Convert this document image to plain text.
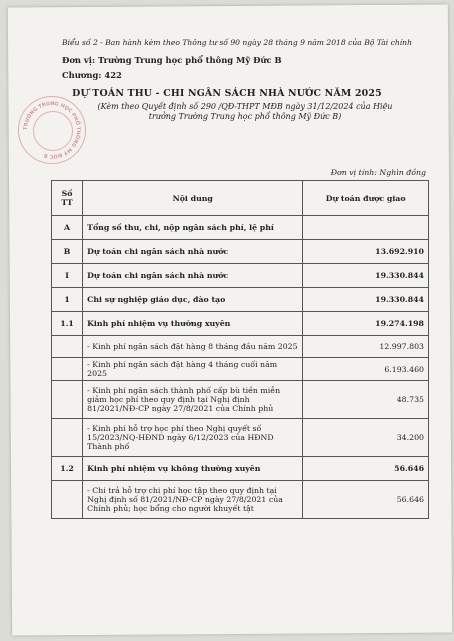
Biểu số 2 - Ban hành kèm theo Thông tư số 90 ngày 28 tháng 9 năm 2018 của Bộ Tài chính
Đơn vị: Trường Trung học phổ thông Mỹ Đức B
Chương: 422
TRƯỜNG TRUNG HỌC PHỔ THÔNG MỸ ĐỨC B
DỰ TOÁN THU - CHI NGÂN SÁCH NHÀ NƯỚC NĂM 2025
(Kèm theo Quyết định số 290 /QĐ-THPT MĐB ngày 31/12/2024 của Hiệu trưởng Trường Trung học phổ thông Mỹ Đức B)
Đơn vị tính: Nghìn đồng
Số TT	Nội dung	Dự toán được giao
A	Tổng số thu, chi, nộp ngân sách phí, lệ phí	
B	Dự toán chi ngân sách nhà nước	13.692.910
I	Dự toán chi ngân sách nhà nước	19.330.844
1	Chi sự nghiệp giáo dục, đào tạo	19.330.844
1.1	Kinh phí nhiệm vụ thường xuyên	19.274.198
	- Kinh phí ngân sách đặt hàng 8 tháng đầu năm 2025	12.997.803
	- Kinh phí ngân sách đặt hàng 4 tháng cuối năm 2025	6.193.460
	- Kinh phí ngân sách thành phố cấp bù tiền miễn giảm học phí theo quy định tại Nghị định 81/2021/NĐ-CP ngày 27/8/2021 của Chính phủ	48.735
	- Kinh phí hỗ trợ học phí theo Nghị quyết số 15/2023/NQ-HĐND ngày 6/12/2023 của HĐND Thành phố	34.200
1.2	Kinh phí nhiệm vụ không thường xuyên	56.646
	- Chi trả hỗ trợ chi phí học tập theo quy định tại Nghị định số 81/2021/NĐ-CP ngày 27/8/2021 của Chính phủ; học bổng cho người khuyết tật	56.646
